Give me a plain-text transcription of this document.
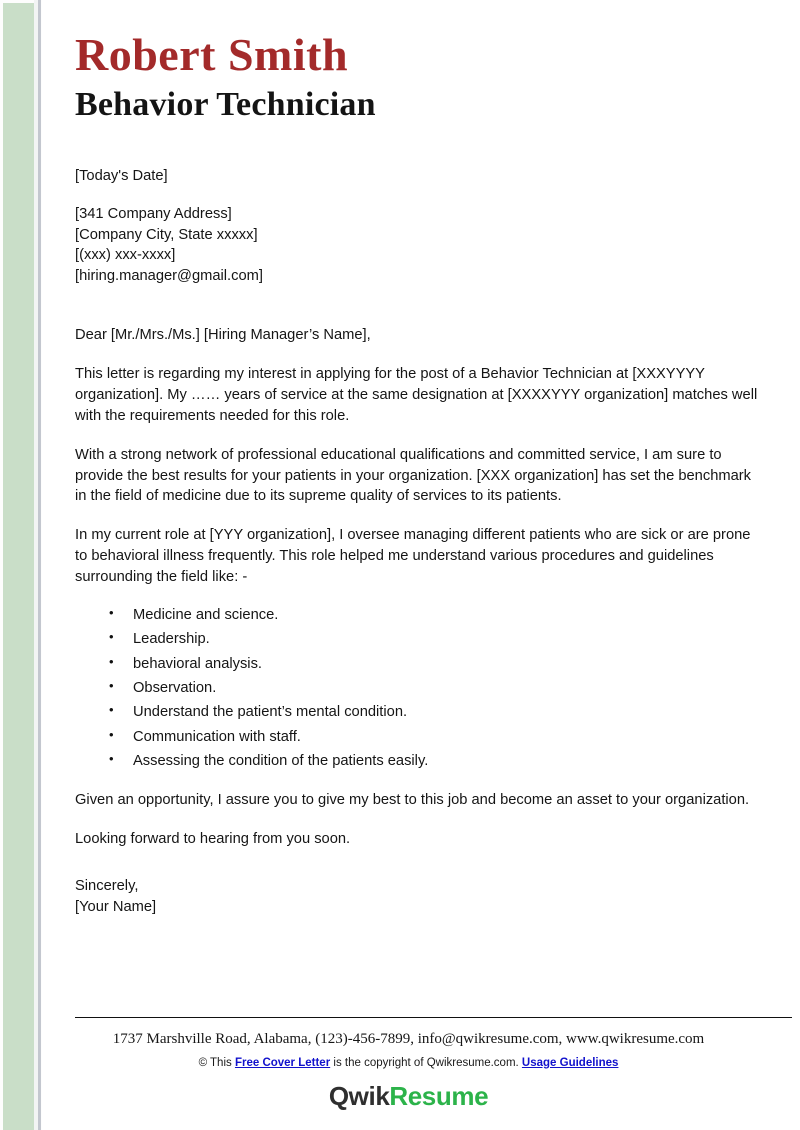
Robert Smith
Behavior Technician
[Today's Date]
[341 Company Address]
[Company City, State xxxxx]
[(xxx) xxx-xxxx]
[hiring.manager@gmail.com]
Dear [Mr./Mrs./Ms.] [Hiring Manager’s Name],

This letter is regarding my interest in applying for the post of a Behavior Technician at [XXXYYYY organization]. My …… years of service at the same designation at [XXXXYYY organization] matches well with the requirements needed for this role.

With a strong network of professional educational qualifications and committed service, I am sure to provide the best results for your patients in your organization. [XXX organization] has set the benchmark in the field of medicine due to its supreme quality of services to its patients.

In my current role at [YYY organization], I oversee managing different patients who are sick or are prone to behavioral illness frequently. This role helped me understand various procedures and guidelines surrounding the field like: -

• Medicine and science.
• Leadership.
• behavioral analysis.
• Observation.
• Understand the patient’s mental condition.
• Communication with staff.
• Assessing the condition of the patients easily.

Given an opportunity, I assure you to give my best to this job and become an asset to your organization.

Looking forward to hearing from you soon.

Sincerely,
[Your Name]
1737 Marshville Road, Alabama, (123)-456-7899, info@qwikresume.com, www.qwikresume.com
© This Free Cover Letter is the copyright of Qwikresume.com. Usage Guidelines
QwikResume
